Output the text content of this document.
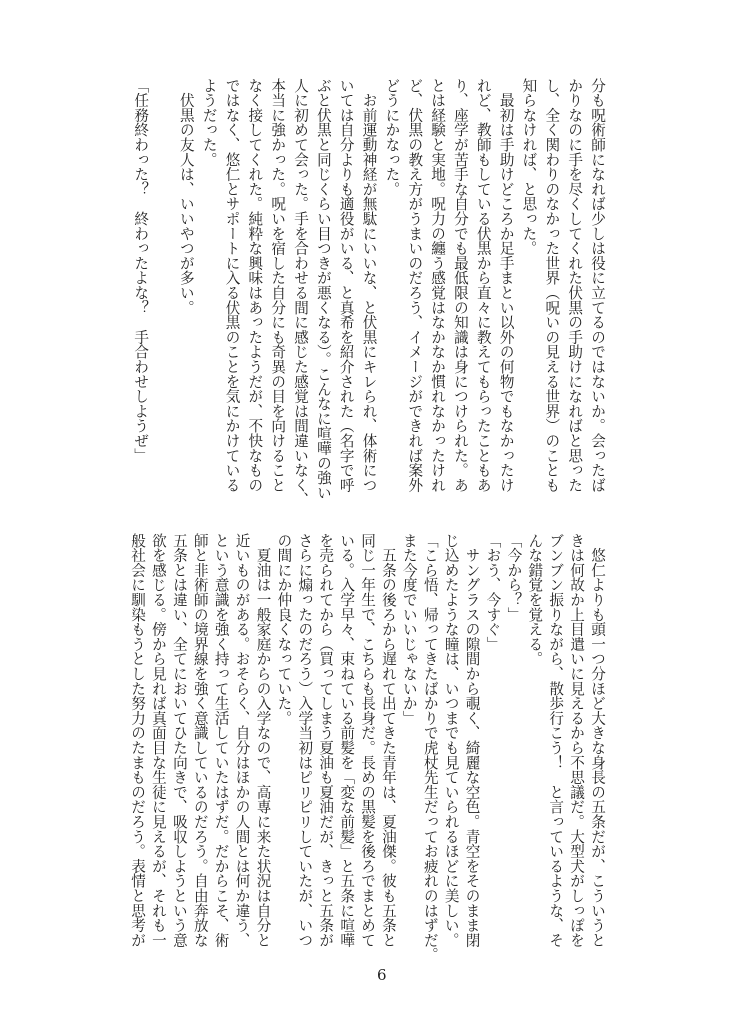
分も呪術師になれば少しは役に立てるのではないか。会ったば
かりなのに手を尽くしてくれた伏黒の手助けになればと思った
し、全く関わりのなかった世界（呪いの見える世界）のことも
知らなければ、と思った。
　最初は手助けどころか足手まとい以外の何物でもなかったけ
れど、教師もしている伏黒から直々に教えてもらったこともあ
り、座学が苦手な自分でも最低限の知識は身につけられた。あ
とは経験と実地。呪力の纏う感覚はなかなか慣れなかったけれ
ど、伏黒の教え方がうまいのだろう、イメージができれば案外
どうにかなった。
　お前運動神経が無駄にいいな、と伏黒にキレられ、体術につ
いては自分よりも適役がいる、と真希を紹介された（名字で呼
ぶと伏黒と同じくらい目つきが悪くなる）。こんなに喧嘩の強い
人に初めて会った。手を合わせる間に感じた感覚は間違いなく、
本当に強かった。呪いを宿した自分にも奇異の目を向けること
なく接してくれた。純粋な興味はあったようだが、不快なもの
ではなく、悠仁とサポートに入る伏黒のことを気にかけている
ようだった。
　伏黒の友人は、いいやつが多い。

「任務終わった？　終わったよな？　手合わせしようぜ」
　悠仁よりも頭一つ分ほど大きな身長の五条だが、こういうと
きは何故か上目遣いに見えるから不思議だ。大型犬がしっぽを
ブンブン振りながら、散歩行こう！　と言っているような、そ
んな錯覚を覚える。
「今から？」
「おう、今すぐ」
　サングラスの隙間から覗く、綺麗な空色。青空をそのまま閉
じ込めたような瞳は、いつまでも見ていられるほどに美しい。
「こら悟、帰ってきたばかりで虎杖先生だってお疲れのはずだ。
また今度でいいじゃないか」
　五条の後ろから遅れて出てきた青年は、夏油傑。彼も五条と
同じ一年生で、こちらも長身だ。長めの黒髪を後ろでまとめて
いる。入学早々、束ねている前髪を「変な前髪」と五条に喧嘩
を売られてから（買ってしまう夏油も夏油だが、きっと五条が
さらに煽ったのだろう）入学当初はピリピリしていたが、いつ
の間にか仲良くなっていた。
　夏油は一般家庭からの入学なので、高専に来た状況は自分と
近いものがある。おそらく、自分はほかの人間とは何か違う、
という意識を強く持って生活していたはずだ。だからこそ、術
師と非術師の境界線を強く意識しているのだろう。自由奔放な
五条とは違い、全てにおいてひた向きで、吸収しようという意
欲を感じる。傍から見れば真面目な生徒に見えるが、それも一
般社会に馴染もうとした努力のたまものだろう。表情と思考が
6
